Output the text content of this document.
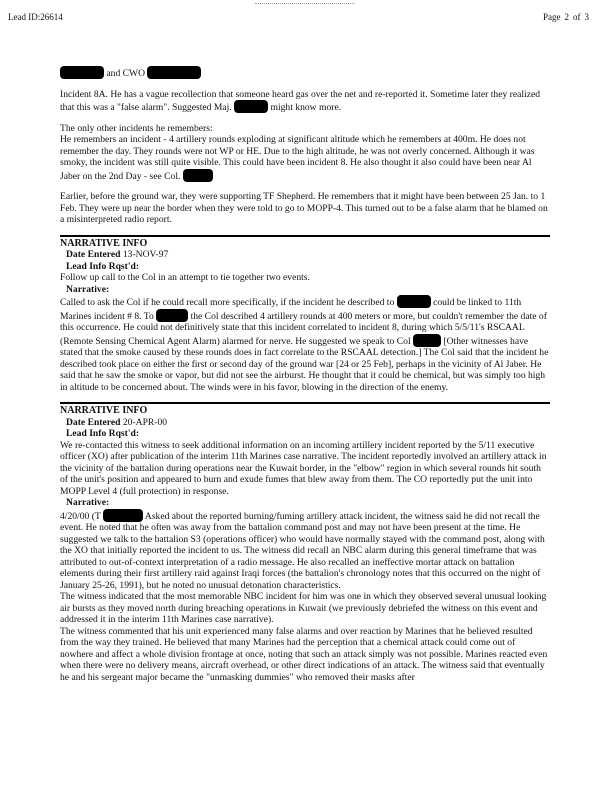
Lead ID:26614	Page 2 of 3

and CWO

Incident 8A. He has a vague recollection that someone heard gas over the net and re-reported it. Sometime later they realized that this was a "false alarm". Suggested Maj.	might know more.

The only other incidents he remembers:

He remembers an incident - 4 artillery rounds exploding at significant altitude which he remembers at 400m. He does not remember the day. They rounds were not WP or HE. Due to the high altitude, he was not overly concerned. Although it was smoky, the incident was still quite visible. This could have been incident 8. He also thought it also could have been near Al Jaber on the 2nd Day - see Col.

Earlier, before the ground war, they were supporting TF Shepherd. He remembers that it might have been between 25 Jan. to 1 Feb. They were up near the border when they were told to go to MOPP-4. This turned out to be a false alarm that he blamed on a misinterpreted radio report.

NARRATIVE INFO
Date Entered 13-NOV-97
Lead Info Rqst'd:
Follow up call to the Col in an attempt to tie together two events.
Narrative:

Called to ask the Col if he could recall more specifically, if the incident he described to	could be linked to 11th Marines incident # 8. To	the Col described 4 artillery rounds at 400 meters or more, but couldn't remember the date of this occurrence. He could not definitively state that this incident correlated to incident 8, during which 5/5/11's RSCAAL (Remote Sensing Chemical Agent Alarm) alarmed for nerve. He suggested we speak to Col	[Other witnesses have stated that the smoke caused by these rounds does in fact correlate to the RSCAAL detection.] The Col said that the incident he described took place on either the first or second day of the ground war [24 or 25 Feb], perhaps in the vicinity of Al Jaber. He said that he saw the smoke or vapor, but did not see the airburst. He thought that it could be chemical, but was simply too high in altitude to be concerned about. The winds were in his favor, blowing in the direction of the enemy.

NARRATIVE INFO
Date Entered 20-APR-00
Lead Info Rqst'd:
We re-contacted this witness to seek additional information on an incoming artillery incident reported by the 5/11 executive officer (XO) after publication of the interim 11th Marines case narrative. The incident reportedly involved an artillery attack in the vicinity of the battalion during operations near the Kuwait border, in the "elbow" region in which several rounds hit south of the unit's position and appeared to burn and exude fumes that blew away from them. The CO reportedly put the unit into MOPP Level 4 (full protection) in response.
Narrative:
4/20/00 (T	Asked about the reported burning/fuming artillery attack incident, the witness said he did not recall the event. He noted that he often was away from the battalion command post and may not have been present at the time. He suggested we talk to the battalion S3 (operations officer) who would have normally stayed with the command post, along with the XO that initially reported the incident to us. The witness did recall an NBC alarm during this general timeframe that was attributed to out-of-context interpretation of a radio message. He also recalled an ineffective mortar attack on battalion elements during their first artillery raid against Iraqi forces (the battalion's chronology notes that this occurred on the night of January 25-26, 1991), but he noted no unusual detonation characteristics.
The witness indicated that the most memorable NBC incident for him was one in which they observed several unusual looking air bursts as they moved north during breaching operations in Kuwait (we previously debriefed the witness on this event and addressed it in the interim 11th Marines case narrative).
The witness commented that his unit experienced many false alarms and over reaction by Marines that he believed resulted from the way they trained. He believed that many Marines had the perception that a chemical attack could come out of nowhere and affect a whole division frontage at once, noting that such an attack simply was not possible. Marines reacted even when there were no delivery means, aircraft overhead, or other direct indications of an attack. The witness said that eventually he and his sergeant major became the "unmasking dummies" who removed their masks after
